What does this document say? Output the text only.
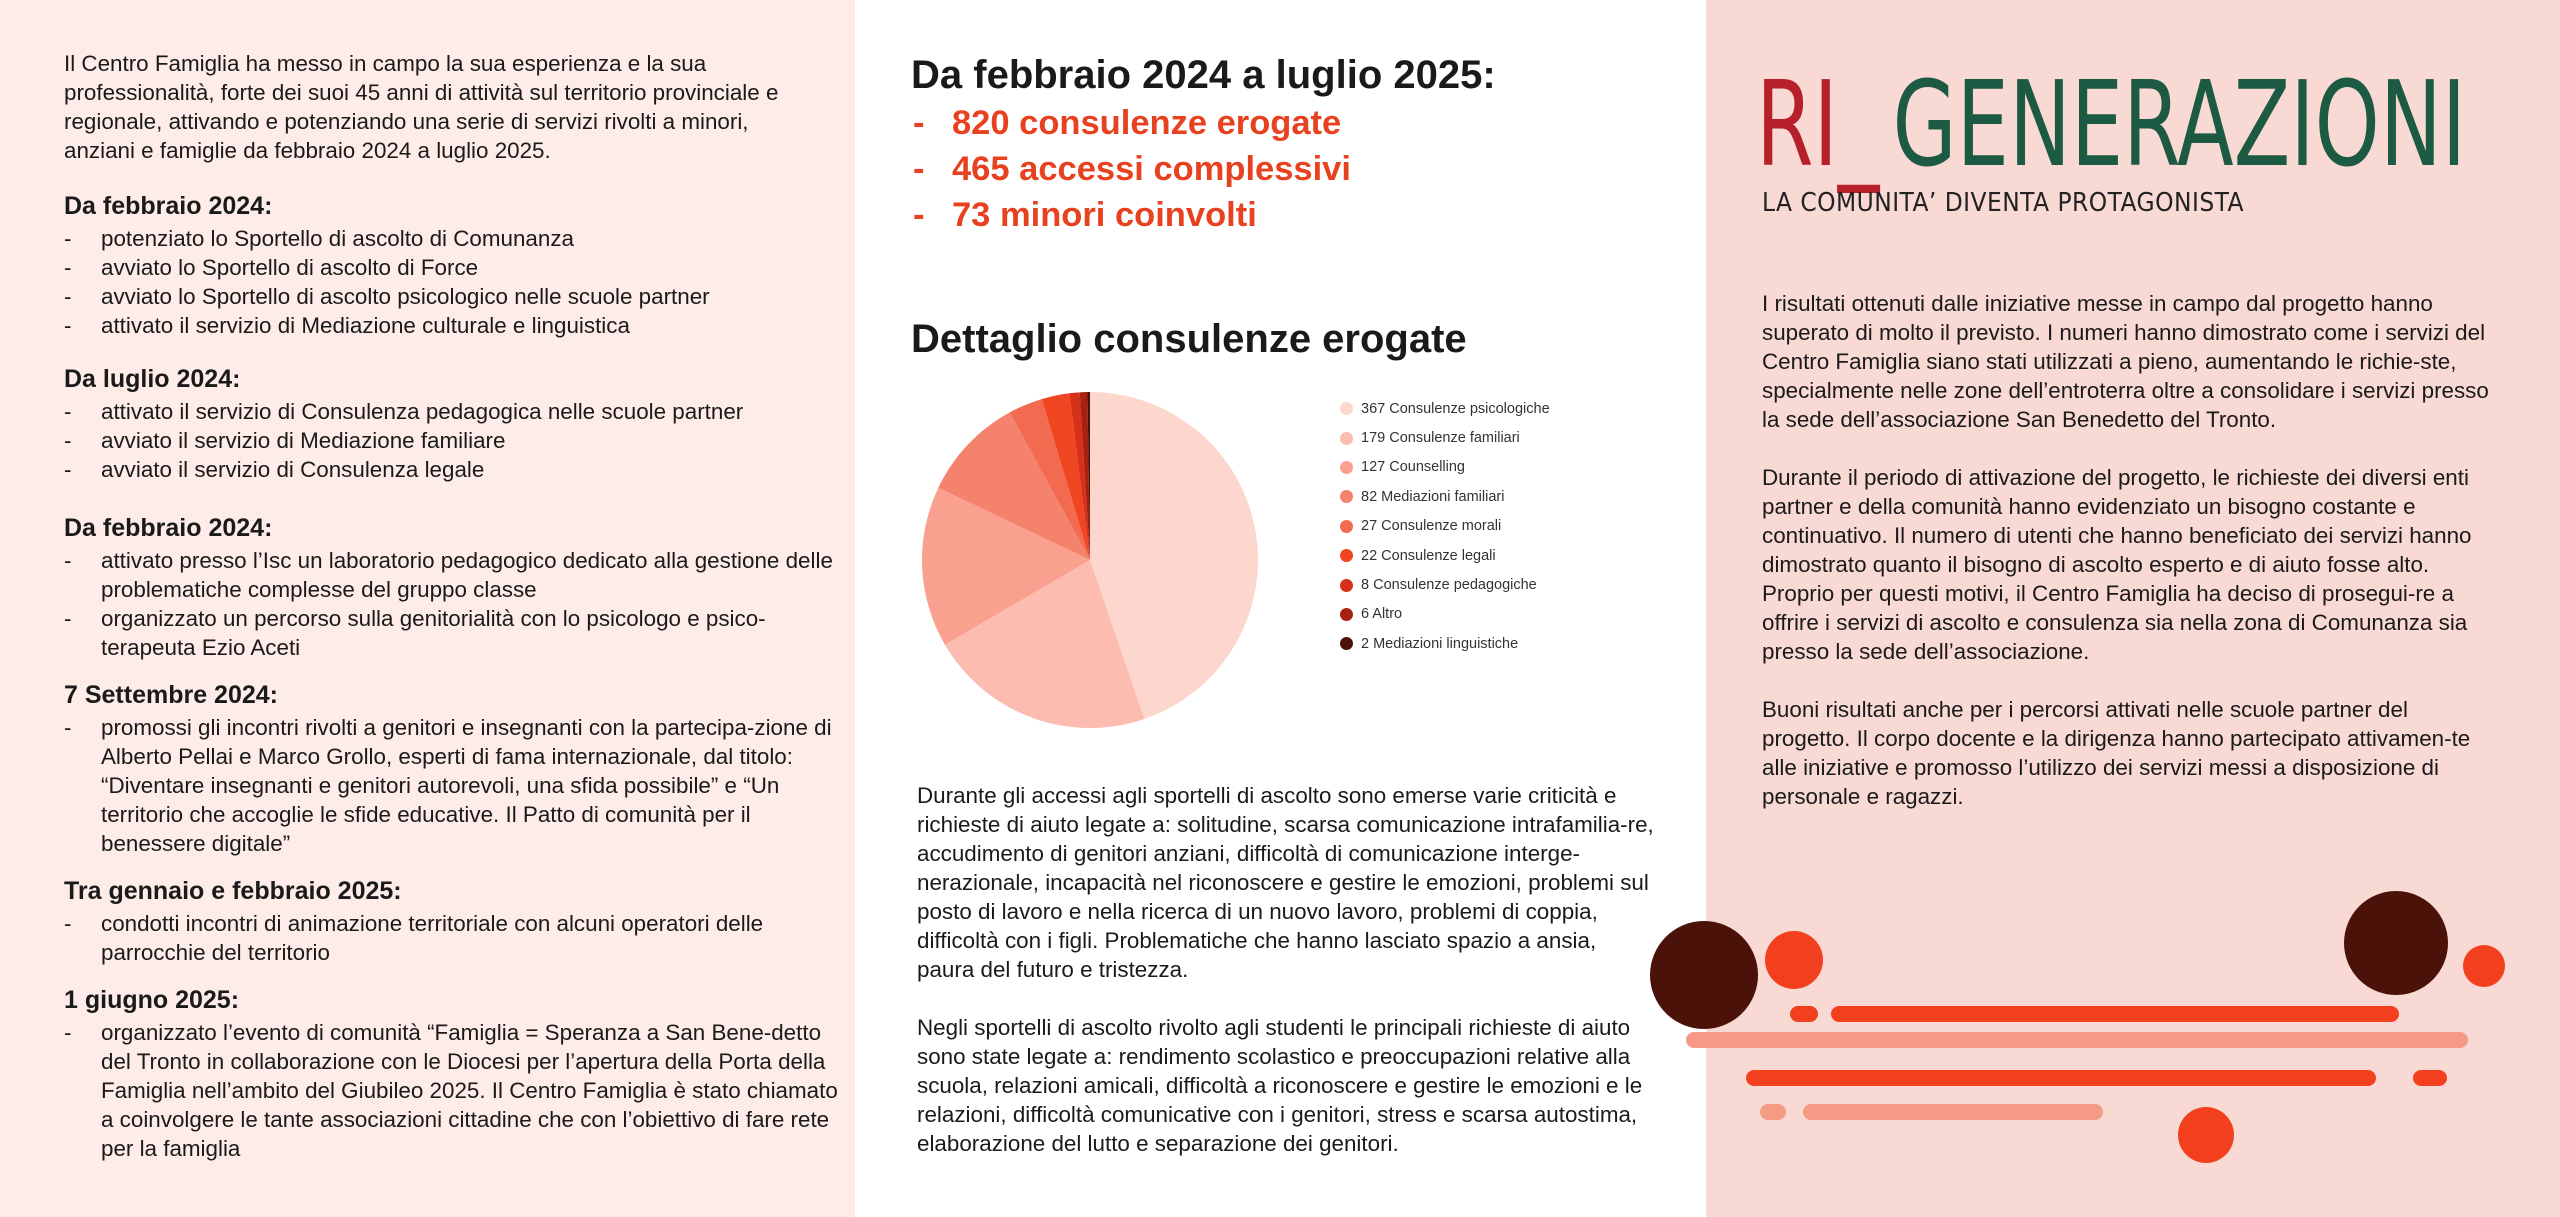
Il Centro Famiglia ha messo in campo la sua esperienza e la sua professionalità, forte dei suoi 45 anni di attività sul territorio provinciale e regionale, attivando e potenziando una serie di servizi rivolti a minori, anziani e famiglie da febbraio 2024 a luglio 2025.

Da febbraio 2024:
- potenziato lo Sportello di ascolto di Comunanza
- avviato lo Sportello di ascolto di Force
- avviato lo Sportello di ascolto psicologico nelle scuole partner
- attivato il servizio di Mediazione culturale e linguistica
Da luglio 2024:
- attivato il servizio di Consulenza pedagogica nelle scuole partner
- avviato il servizio di Mediazione familiare
- avviato il servizio di Consulenza legale
Da febbraio 2024:
- attivato presso l’Isc un laboratorio pedagogico dedicato alla gestione delle problematiche complesse del gruppo classe
- organizzato un percorso sulla genitorialità con lo psicologo e psico-terapeuta Ezio Aceti
7 Settembre 2024:
- promossi gli incontri rivolti a genitori e insegnanti con la partecipa-zione di Alberto Pellai e Marco Grollo, esperti di fama internazionale, dal titolo: “Diventare insegnanti e genitori autorevoli, una sfida possibile” e “Un territorio che accoglie le sfide educative. Il Patto di comunità per il benessere digitale”
Tra gennaio e febbraio 2025:
- condotti incontri di animazione territoriale con alcuni operatori delle parrocchie del territorio
1 giugno 2025:
- organizzato l’evento di comunità “Famiglia = Speranza a San Bene-detto del Tronto in collaborazione con le Diocesi per l’apertura della Porta della Famiglia nell’ambito del Giubileo 2025. Il Centro Famiglia è stato chiamato a coinvolgere le tante associazioni cittadine che con l’obiettivo di fare rete per la famiglia
Da febbraio 2024 a luglio 2025:
- 820 consulenze erogate
- 465 accessi complessivi
- 73 minori coinvolti
Dettaglio consulenze erogate
367 Consulenze psicologiche
179 Consulenze familiari
127 Counselling
82 Mediazioni familiari
27 Consulenze morali
22 Consulenze legali
8 Consulenze pedagogiche
6 Altro
2 Mediazioni linguistiche

Durante gli accessi agli sportelli di ascolto sono emerse varie criticità e richieste di aiuto legate a: solitudine, scarsa comunicazione intrafamilia-re, accudimento di genitori anziani, difficoltà di comunicazione interge-nerazionale, incapacità nel riconoscere e gestire le emozioni, problemi sul posto di lavoro e nella ricerca di un nuovo lavoro, problemi di coppia, difficoltà con i figli. Problematiche che hanno lasciato spazio a ansia, paura del futuro e tristezza.

Negli sportelli di ascolto rivolto agli studenti le principali richieste di aiuto sono state legate a: rendimento scolastico e preoccupazioni relative alla scuola, relazioni amicali, difficoltà a riconoscere e gestire le emozioni e le relazioni, difficoltà comunicative con i genitori, stress e scarsa autostima, elaborazione del lutto e separazione dei genitori.

RI_ GENERAZIONI
LA COMUNITA’ DIVENTA PROTAGONISTA

I risultati ottenuti dalle iniziative messe in campo dal progetto hanno superato di molto il previsto. I numeri hanno dimostrato come i servizi del Centro Famiglia siano stati utilizzati a pieno, aumentando le richie-ste, specialmente nelle zone dell’entroterra oltre a consolidare i servizi presso la sede dell’associazione San Benedetto del Tronto.

Durante il periodo di attivazione del progetto, le richieste dei diversi enti partner e della comunità hanno evidenziato un bisogno costante e continuativo. Il numero di utenti che hanno beneficiato dei servizi hanno dimostrato quanto il bisogno di ascolto esperto e di aiuto fosse alto. Proprio per questi motivi, il Centro Famiglia ha deciso di prosegui-re a offrire i servizi di ascolto e consulenza sia nella zona di Comunanza sia presso la sede dell’associazione.

Buoni risultati anche per i percorsi attivati nelle scuole partner del progetto. Il corpo docente e la dirigenza hanno partecipato attivamen-te alle iniziative e promosso l’utilizzo dei servizi messi a disposizione di personale e ragazzi.
